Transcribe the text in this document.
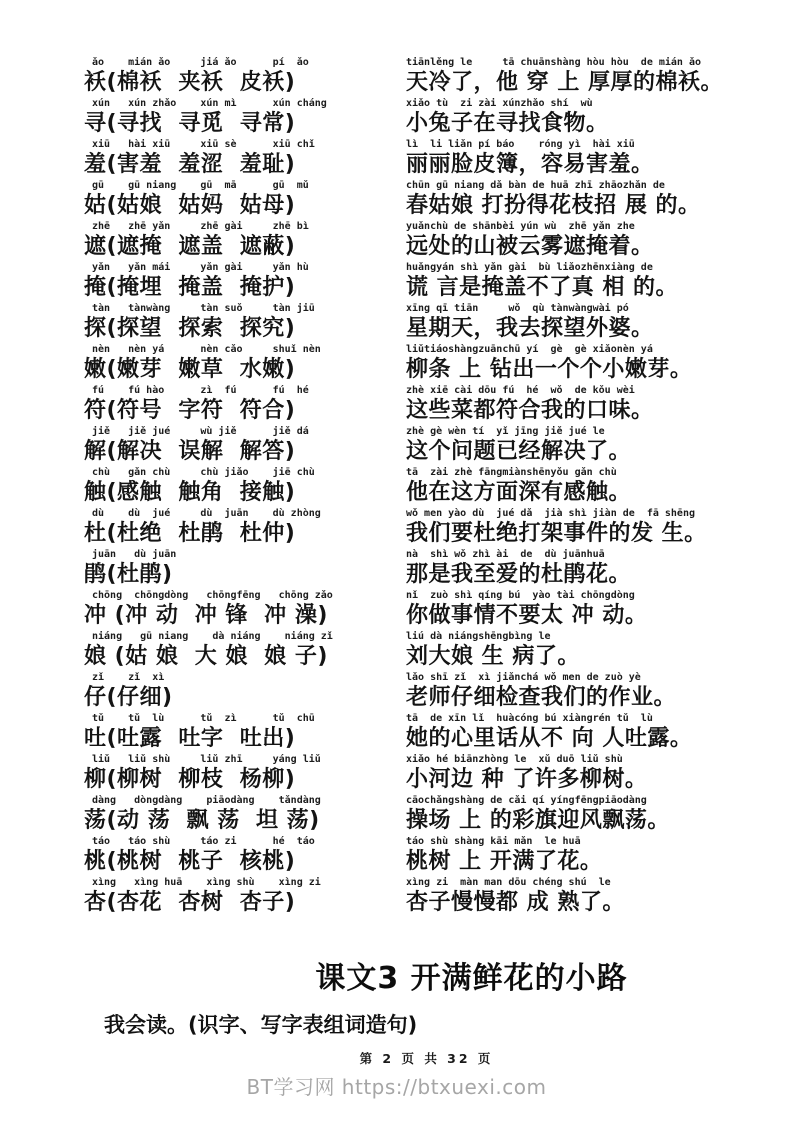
ǎo    mián ǎo     jiá ǎo      pí  ǎo
袄(棉袄  夹袄  皮袄)
tiānlěng le     tā chuānshàng hòu hòu  de mián ǎo
天冷了，他 穿 上 厚厚的棉袄。
xún   xún zhǎo    xún mì      xún cháng
寻(寻找  寻觅  寻常)
xiǎo tù  zi zài xúnzhǎo shí  wù
小兔子在寻找食物。
xiū   hài xiū     xiū sè      xiū chǐ
羞(害羞  羞涩  羞耻)
lì  li liǎn pí báo    róng yì  hài xiū
丽丽脸皮簿，容易害羞。
gū    gū niang    gū  mā      gū  mǔ
姑(姑娘  姑妈  姑母)
chūn gū niang dǎ bàn de huā zhī zhāozhǎn de
春姑娘 打扮得花枝招 展 的。
zhē   zhē yǎn     zhē gài     zhē bì
遮(遮掩  遮盖  遮蔽)
yuǎnchù de shānbèi yún wù  zhē yǎn zhe
远处的山被云雾遮掩着。
yǎn   yǎn mái     yǎn gài     yǎn hù
掩(掩埋  掩盖  掩护)
huǎngyán shì yǎn gài  bù liǎozhēnxiàng de
谎 言是掩盖不了真 相 的。
tàn   tànwàng     tàn suǒ     tàn jiū
探(探望  探索  探究)
xīng qī tiān     wǒ  qù tànwàngwài pó
星期天，我去探望外婆。
nèn   nèn yá      nèn cǎo     shuǐ nèn
嫩(嫩芽  嫩草  水嫩)
liǔtiáoshàngzuānchū yí  gè  gè xiǎonèn yá
柳条 上 钻出一个个小嫩芽。
fú    fú hào      zì  fú      fú  hé
符(符号  字符  符合)
zhè xiē cài dōu fú  hé  wǒ  de kǒu wèi
这些菜都符合我的口味。
jiě   jiě jué     wù jiě      jiě dá
解(解决  误解  解答)
zhè gè wèn tí  yǐ jīng jiě jué le
这个问题已经解决了。
chù   gǎn chù     chù jiǎo    jiē chù
触(感触  触角  接触)
tā  zài zhè fāngmiànshēnyǒu gǎn chù
他在这方面深有感触。
dù    dù  jué     dù  juān    dù zhòng
杜(杜绝  杜鹃  杜仲)
wǒ men yào dù  jué dǎ  jià shì jiàn de  fā shēng
我们要杜绝打架事件的发 生。
juān   dù juān
鹃(杜鹃)
nà  shì wǒ zhì ài  de  dù juānhuā
那是我至爱的杜鹃花。
chōng  chōngdòng   chōngfēng   chōng zǎo
冲 (冲 动  冲 锋  冲 澡)
nǐ  zuò shì qíng bú  yào tài chōngdòng
你做事情不要太 冲 动。
niáng   gū niang    dà niáng    niáng zǐ
娘 (姑 娘  大 娘  娘 子)
liú dà niángshēngbìng le
刘大娘 生 病了。
zǐ    zǐ  xì
仔(仔细)
lǎo shī zǐ  xì jiǎnchá wǒ men de zuò yè
老师仔细检查我们的作业。
tǔ    tǔ  lù      tǔ  zì      tǔ  chū
吐(吐露  吐字  吐出)
tā  de xīn lǐ  huàcóng bú xiàngrén tǔ  lù
她的心里话从不 向 人吐露。
liǔ   liǔ shù     liǔ zhī     yáng liǔ
柳(柳树  柳枝  杨柳)
xiǎo hé biānzhòng le  xǔ duō liǔ shù
小河边 种 了许多柳树。
dàng   dòngdàng    piāodàng    tǎndàng
荡(动 荡  飘 荡  坦 荡)
cāochǎngshàng de cǎi qí yíngfēngpiāodàng
操场 上 的彩旗迎风飘荡。
táo   táo shù     táo zi      hé  táo
桃(桃树  桃子  核桃)
táo shù shàng kāi mǎn  le huā
桃树 上 开满了花。
xìng   xìng huā    xìng shù    xìng zi
杏(杏花  杏树  杏子)
xìng zi  màn man dōu chéng shú  le
杏子慢慢都 成 熟了。
课文3 开满鲜花的小路
我会读。(识字、写字表组词造句)
第 2 页 共 32 页
BT学习网 https://btxuexi.com
